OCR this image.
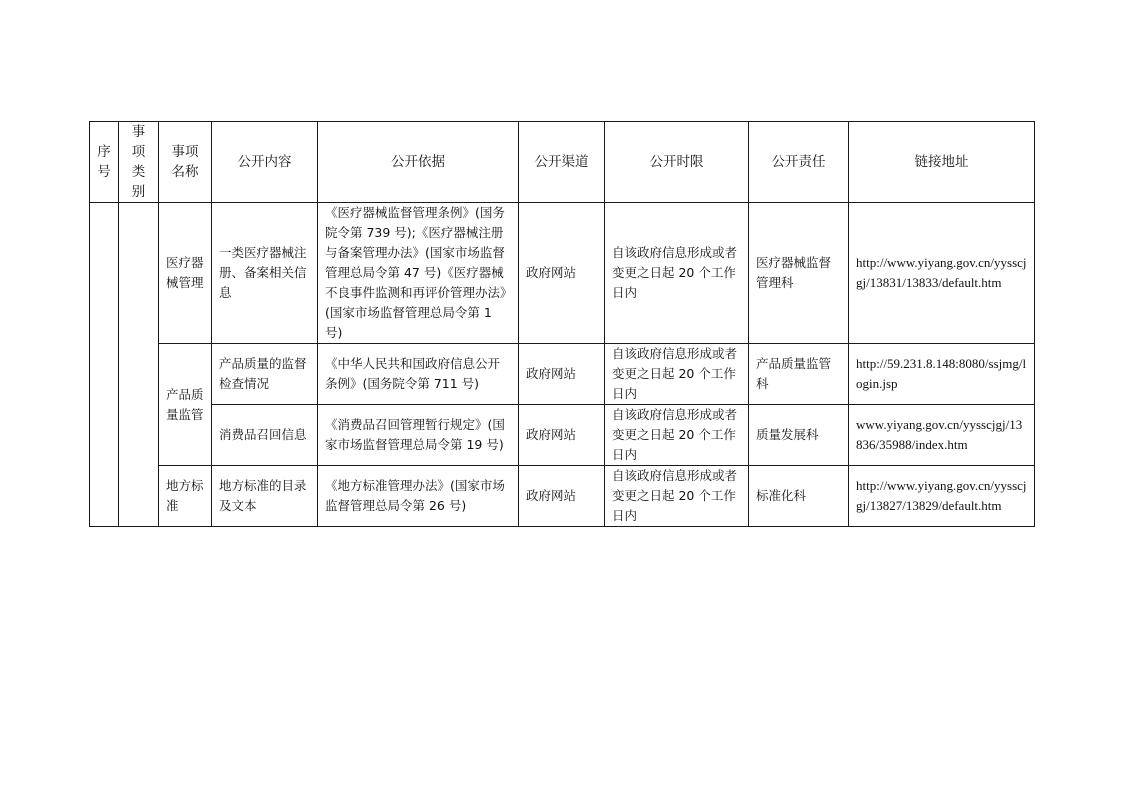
序号	事项类别	事项名称	公开内容	公开依据	公开渠道	公开时限	公开责任	链接地址

		医疗器械管理	一类医疗器械注册、备案相关信息	《医疗器械监督管理条例》(国务院令第 739 号);《医疗器械注册与备案管理办法》(国家市场监督管理总局令第 47 号)《医疗器械不良事件监测和再评价管理办法》(国家市场监督管理总局令第 1 号)	政府网站	自该政府信息形成或者变更之日起 20 个工作日内	医疗器械监督管理科	http://www.yiyang.gov.cn/yysscjgj/13831/13833/default.htm

		产品质量监管	产品质量的监督检查情况	《中华人民共和国政府信息公开条例》(国务院令第 711 号)	政府网站	自该政府信息形成或者变更之日起 20 个工作日内	产品质量监管科	http://59.231.8.148:8080/ssjmg/login.jsp

			消费品召回信息	《消费品召回管理暂行规定》(国家市场监督管理总局令第 19 号)	政府网站	自该政府信息形成或者变更之日起 20 个工作日内	质量发展科	www.yiyang.gov.cn/yysscjgj/13836/35988/index.htm

		地方标准	地方标准的目录及文本	《地方标准管理办法》(国家市场监督管理总局令第 26 号)	政府网站	自该政府信息形成或者变更之日起 20 个工作日内	标准化科	http://www.yiyang.gov.cn/yysscjgj/13827/13829/default.htm
